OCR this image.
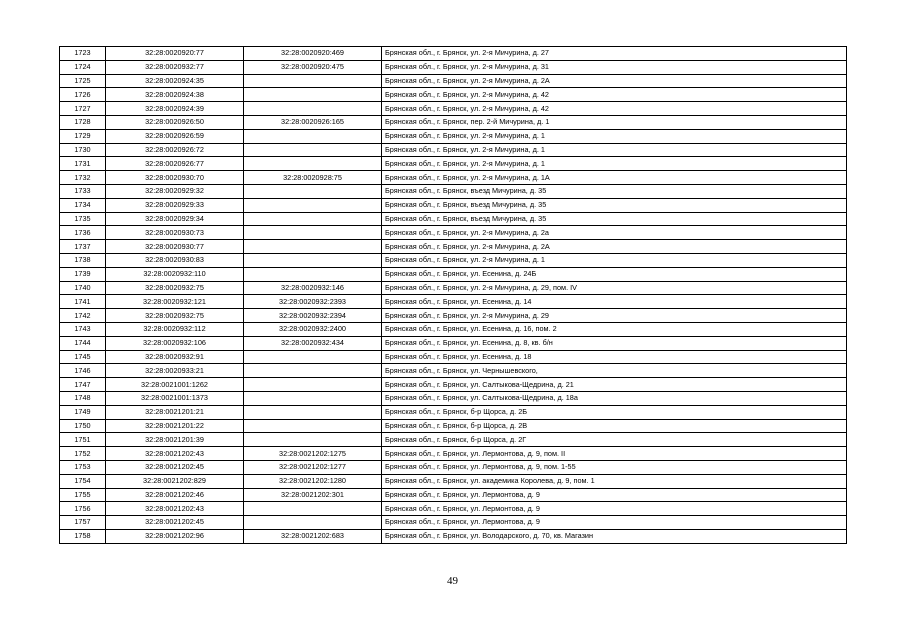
1723	32:28:0020920:77	32:28:0020920:469	Брянская обл., г. Брянск, ул. 2-я Мичурина, д. 27
1724	32:28:0020932:77	32:28:0020920:475	Брянская обл., г. Брянск, ул. 2-я Мичурина, д. 31
1725	32:28:0020924:35		Брянская обл., г. Брянск, ул. 2-я Мичурина, д. 2А
1726	32:28:0020924:38		Брянская обл., г. Брянск, ул. 2-я Мичурина, д. 42
1727	32:28:0020924:39		Брянская обл., г. Брянск, ул. 2-я Мичурина, д. 42
1728	32:28:0020926:50	32:28:0020926:165	Брянская обл., г. Брянск, пер. 2-й Мичурина, д. 1
1729	32:28:0020926:59		Брянская обл., г. Брянск, ул. 2-я Мичурина, д. 1
1730	32:28:0020926:72		Брянская обл., г. Брянск, ул. 2-я Мичурина, д. 1
1731	32:28:0020926:77		Брянская обл., г. Брянск, ул. 2-я Мичурина, д. 1
1732	32:28:0020930:70	32:28:0020928:75	Брянская обл., г. Брянск, ул. 2-я Мичурина, д. 1А
1733	32:28:0020929:32		Брянская обл., г. Брянск, въезд Мичурина, д. 35
1734	32:28:0020929:33		Брянская обл., г. Брянск, въезд Мичурина, д. 35
1735	32:28:0020929:34		Брянская обл., г. Брянск, въезд Мичурина, д. 35
1736	32:28:0020930:73		Брянская обл., г. Брянск, ул. 2-я Мичурина, д. 2а
1737	32:28:0020930:77		Брянская обл., г. Брянск, ул. 2-я Мичурина, д. 2А
1738	32:28:0020930:83		Брянская обл., г. Брянск, ул. 2-я Мичурина, д. 1
1739	32:28:0020932:110		Брянская обл., г. Брянск, ул. Есенина, д. 24Б
1740	32:28:0020932:75	32:28:0020932:146	Брянская обл., г. Брянск, ул. 2-я Мичурина, д. 29, пом. IV
1741	32:28:0020932:121	32:28:0020932:2393	Брянская обл., г. Брянск, ул. Есенина, д. 14
1742	32:28:0020932:75	32:28:0020932:2394	Брянская обл., г. Брянск, ул. 2-я Мичурина, д. 29
1743	32:28:0020932:112	32:28:0020932:2400	Брянская обл., г. Брянск, ул. Есенина, д. 16, пом. 2
1744	32:28:0020932:106	32:28:0020932:434	Брянская обл., г. Брянск, ул. Есенина, д. 8, кв. б/н
1745	32:28:0020932:91		Брянская обл., г. Брянск, ул. Есенина, д. 18
1746	32:28:0020933:21		Брянская обл., г. Брянск, ул. Чернышевского,
1747	32:28:0021001:1262		Брянская обл., г. Брянск, ул. Салтыкова-Щедрина, д. 21
1748	32:28:0021001:1373		Брянская обл., г. Брянск, ул. Салтыкова-Щедрина, д. 18а
1749	32:28:0021201:21		Брянская обл., г. Брянск, б-р Щорса, д. 2Б
1750	32:28:0021201:22		Брянская обл., г. Брянск, б-р Щорса, д. 2В
1751	32:28:0021201:39		Брянская обл., г. Брянск, б-р Щорса, д. 2Г
1752	32:28:0021202:43	32:28:0021202:1275	Брянская обл., г. Брянск, ул. Лермонтова, д. 9, пом. II
1753	32:28:0021202:45	32:28:0021202:1277	Брянская обл., г. Брянск, ул. Лермонтова, д. 9, пом. 1-55
1754	32:28:0021202:829	32:28:0021202:1280	Брянская обл., г. Брянск, ул. академика Королева, д. 9, пом. 1
1755	32:28:0021202:46	32:28:0021202:301	Брянская обл., г. Брянск, ул. Лермонтова, д. 9
1756	32:28:0021202:43		Брянская обл., г. Брянск, ул. Лермонтова, д. 9
1757	32:28:0021202:45		Брянская обл., г. Брянск, ул. Лермонтова, д. 9
1758	32:28:0021202:96	32:28:0021202:683	Брянская обл., г. Брянск, ул. Володарского, д. 70, кв. Магазин
49
